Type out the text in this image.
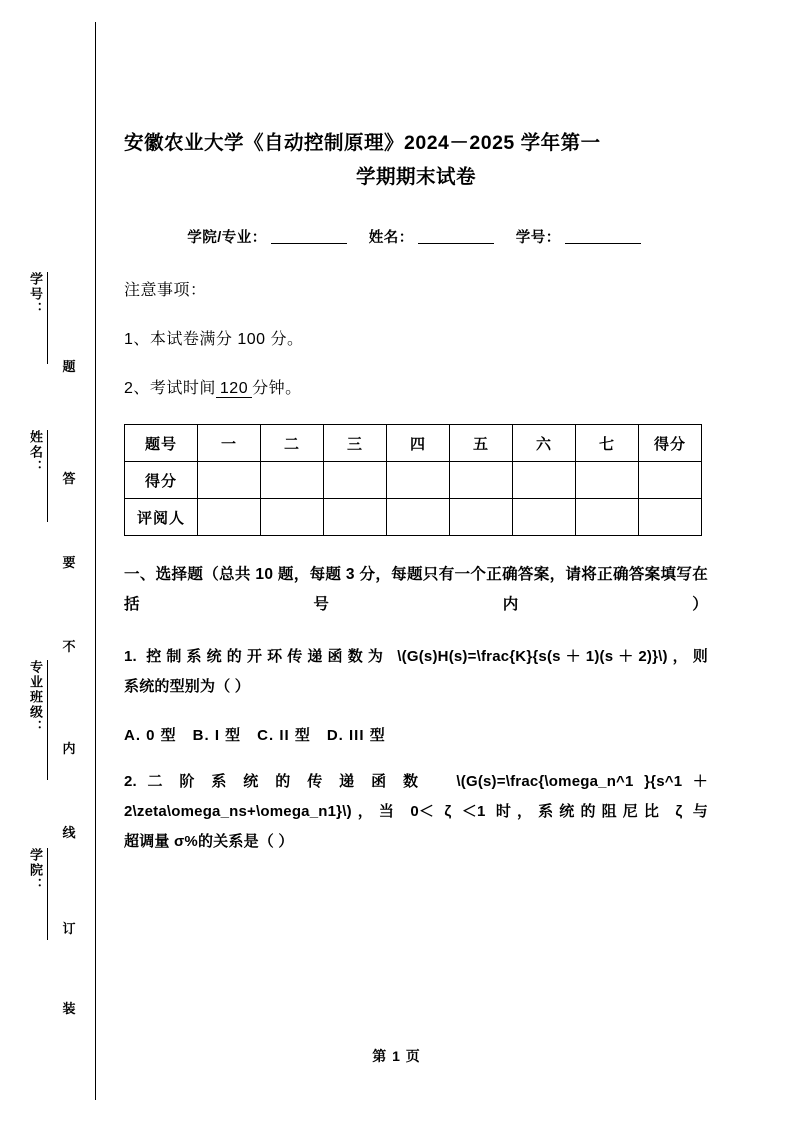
学号：
姓名：
专业班级：
学院：
题
答
要
不
内
线
订
装
安徽农业大学《自动控制原理》2024－2025 学年第一
学期期末试卷
学院/专业：	姓名：	学号：
注意事项：
1、本试卷满分 100 分。
2、考试时间 120 分钟。
题号	一	二	三	四	五	六	七	得分
得分								
评阅人								
一、选择题（总共 10 题，每题 3 分，每题只有一个正确答案，请将正确答案填写在括号内）
1. 控制系统的开环传递函数为 \(G(s)H(s)=\frac{K}{s(s＋1)(s＋2)}\)，则
系统的型别为（ ）
A. 0 型　B. I 型　C. II 型　D. III 型
2. 二 阶 系 统 的 传 递 函 数 　\(G(s)=\frac{\omega_n^1 }{s^1 ＋
2\zeta\omega_ns+\omega_n1}\)，当 0＜ ζ ＜1 时，系统的阻尼比 ζ 与
超调量 σ%的关系是（ ）
第 1 页
